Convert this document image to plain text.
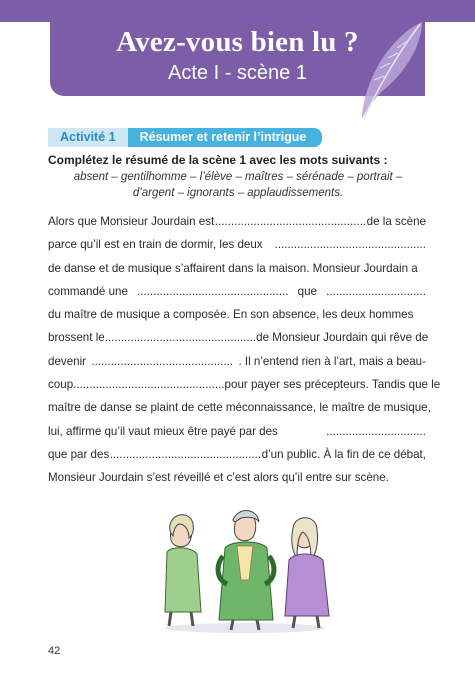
Avez-vous bien lu ?

Acte I - scène 1

Activité 1	Résumer et retenir l’intrigue

Complétez le résumé de la scène 1 avec les mots suivants :

absent – gentilhomme – l’élève – maîtres – sérénade – portrait –
d’argent – ignorants – applaudissements.
Alors que Monsieur Jourdain est ............................................... de la scène
parce qu’il est en train de dormir, les deux ...............................................
de danse et de musique s’affairent dans la maison. Monsieur Jourdain a
commandé une ............................................... que ...............................
du maître de musique a composée. En son absence, les deux hommes
brossent le ............................................... de Monsieur Jourdain qui rêve de
devenir ............................................ . Il n’entend rien à l’art, mais a beau-
coup ............................................... pour payer ses précepteurs. Tandis que le
maître de danse se plaint de cette méconnaissance, le maître de musique,
lui, affirme qu’il vaut mieux être payé par des	...............................
que par des ............................................... d’un public. À la fin de ce débat,
Monsieur Jourdain s’est réveillé et c’est alors qu’il entre sur scène.
42
